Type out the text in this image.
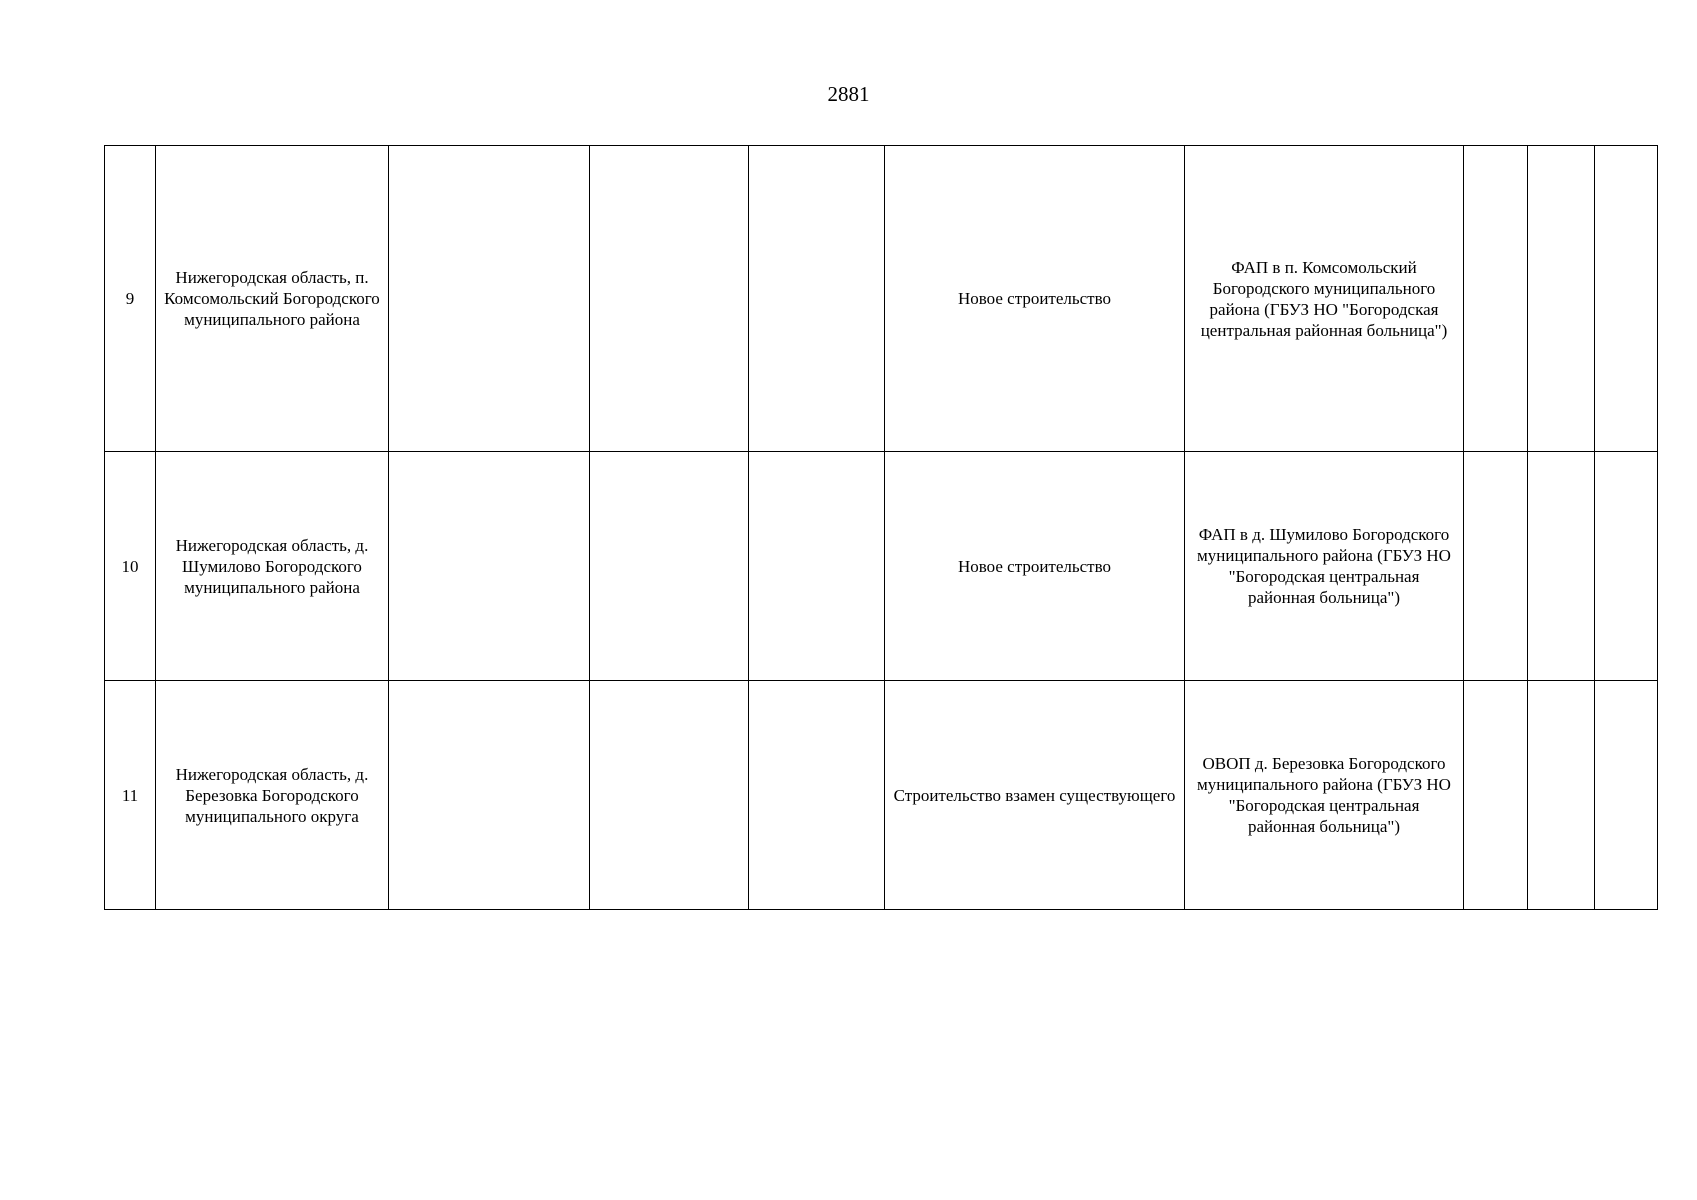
2881
9	Нижегородская область, п. Комсомольский Богородского муниципального района				Новое строительство	ФАП в п. Комсомольский Богородского муниципального района (ГБУЗ НО "Богородская центральная районная больница")			
10	Нижегородская область, д. Шумилово Богородского муниципального района				Новое строительство	ФАП в д. Шумилово Богородского муниципального района (ГБУЗ НО "Богородская центральная районная больница")			
11	Нижегородская область, д. Березовка Богородского муниципального округа				Строительство взамен существующего	ОВОП д. Березовка Богородского муниципального района (ГБУЗ НО "Богородская центральная районная больница")			
